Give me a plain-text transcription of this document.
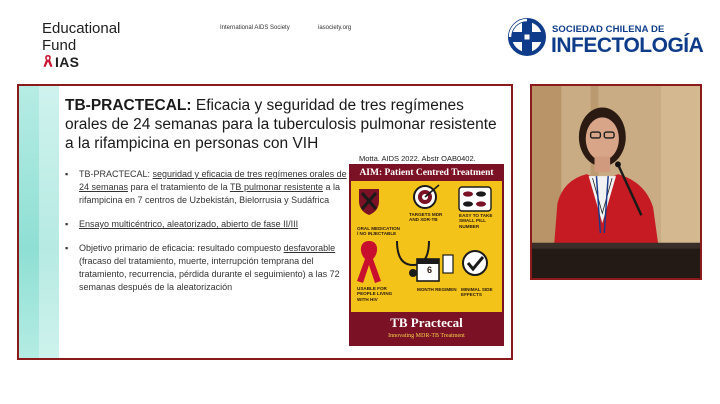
Educational
Fund
IAS
International AIDS Society	iasociety.org	SOCIEDAD CHILENA DE
INFECTOLOGÍA
TB-PRACTECAL: Eficacia y seguridad de tres regímenes orales de 24 semanas para la tuberculosis pulmonar resistente a la rifampicina en personas con VIH
Motta. AIDS 2022. Abstr OAB0402.
▪ TB-PRACTECAL: seguridad y eficacia de tres regímenes orales de 24 semanas para el tratamiento de la TB pulmonar resistente a la rifampicina en 7 centros de Uzbekistán, Bielorrusia y Sudáfrica
▪ Ensayo multicéntrico, aleatorizado, abierto de fase II/III
▪ Objetivo primario de eficacia: resultado compuesto desfavorable (fracaso del tratamiento, muerte, interrupción temprana del tratamiento, recurrencia, pérdida durante el seguimiento) a las 72 semanas después de la aleatorización
AIM: Patient Centred Treatment
ORAL MEDICATION / NO INJECTABLE
TARGETS MDR AND XDR-TB
EASY TO TAKE SMALL PILL NUMBER
USABLE FOR PEOPLE LIVING WITH HIV
6
MONTH REGIMEN MINIMAL SIDE EFFECTS
TB Practecal
Innovating MDR-TB Treatment
